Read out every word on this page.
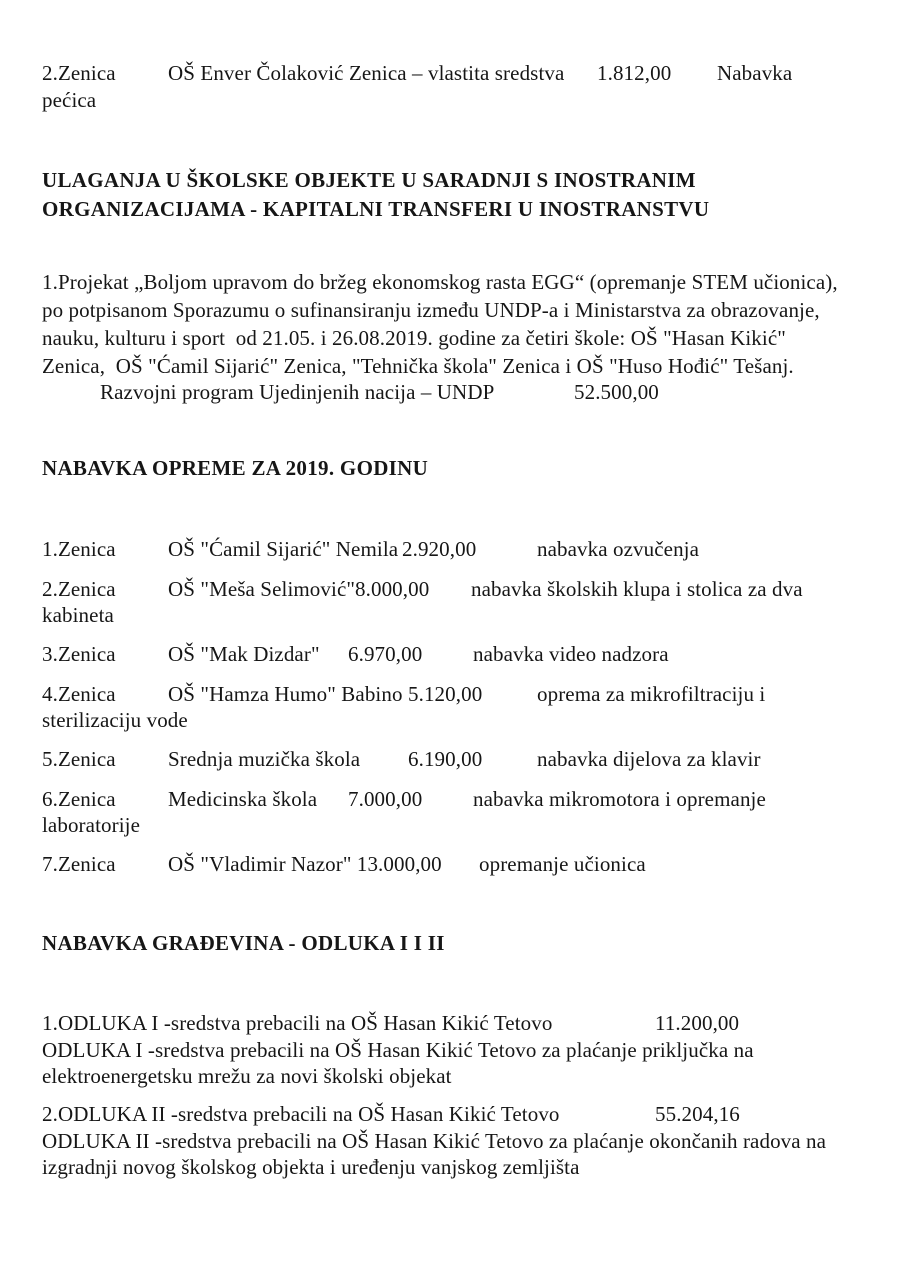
2.Zenica OŠ Enver Čolaković Zenica – vlastita sredstva 1.812,00 Nabavka
pećica
ULAGANJA U ŠKOLSKE OBJEKTE U SARADNJI S INOSTRANIM
ORGANIZACIJAMA - KAPITALNI TRANSFERI U INOSTRANSTVU
1.Projekat „Boljom upravom do bržeg ekonomskog rasta EGG“ (opremanje STEM učionica),
po potpisanom Sporazumu o sufinansiranju između UNDP-a i Ministarstva za obrazovanje,
nauku, kulturu i sport  od 21.05. i 26.08.2019. godine za četiri škole: OŠ "Hasan Kikić"
Zenica,  OŠ "Ćamil Sijarić" Zenica, "Tehnička škola" Zenica i OŠ "Huso Hođić" Tešanj.
Razvojni program Ujedinjenih nacija – UNDP	52.500,00
NABAVKA OPREME ZA 2019. GODINU
1.Zenica OŠ "Ćamil Sijarić" Nemila 2.920,00	nabavka ozvučenja
2.Zenica OŠ "Meša Selimović"8.000,00 nabavka školskih klupa i stolica za dva
kabineta
3.Zenica OŠ "Mak Dizdar" 6.970,00 nabavka video nadzora
4.Zenica OŠ "Hamza Humo" Babino 5.120,00	oprema za mikrofiltraciju i
sterilizaciju vode
5.Zenica Srednja muzička škola 6.190,00	nabavka dijelova za klavir
6.Zenica Medicinska škola 7.000,00 nabavka mikromotora i opremanje
laboratorije
7.Zenica OŠ "Vladimir Nazor" 13.000,00 opremanje učionica
NABAVKA GRAĐEVINA - ODLUKA I I II
1.ODLUKA I -sredstva prebacili na OŠ Hasan Kikić Tetovo	11.200,00
ODLUKA I -sredstva prebacili na OŠ Hasan Kikić Tetovo za plaćanje priključka na
elektroenergetsku mrežu za novi školski objekat
2.ODLUKA II -sredstva prebacili na OŠ Hasan Kikić Tetovo	55.204,16
ODLUKA II -sredstva prebacili na OŠ Hasan Kikić Tetovo za plaćanje okončanih radova na
izgradnji novog školskog objekta i uređenju vanjskog zemljišta
